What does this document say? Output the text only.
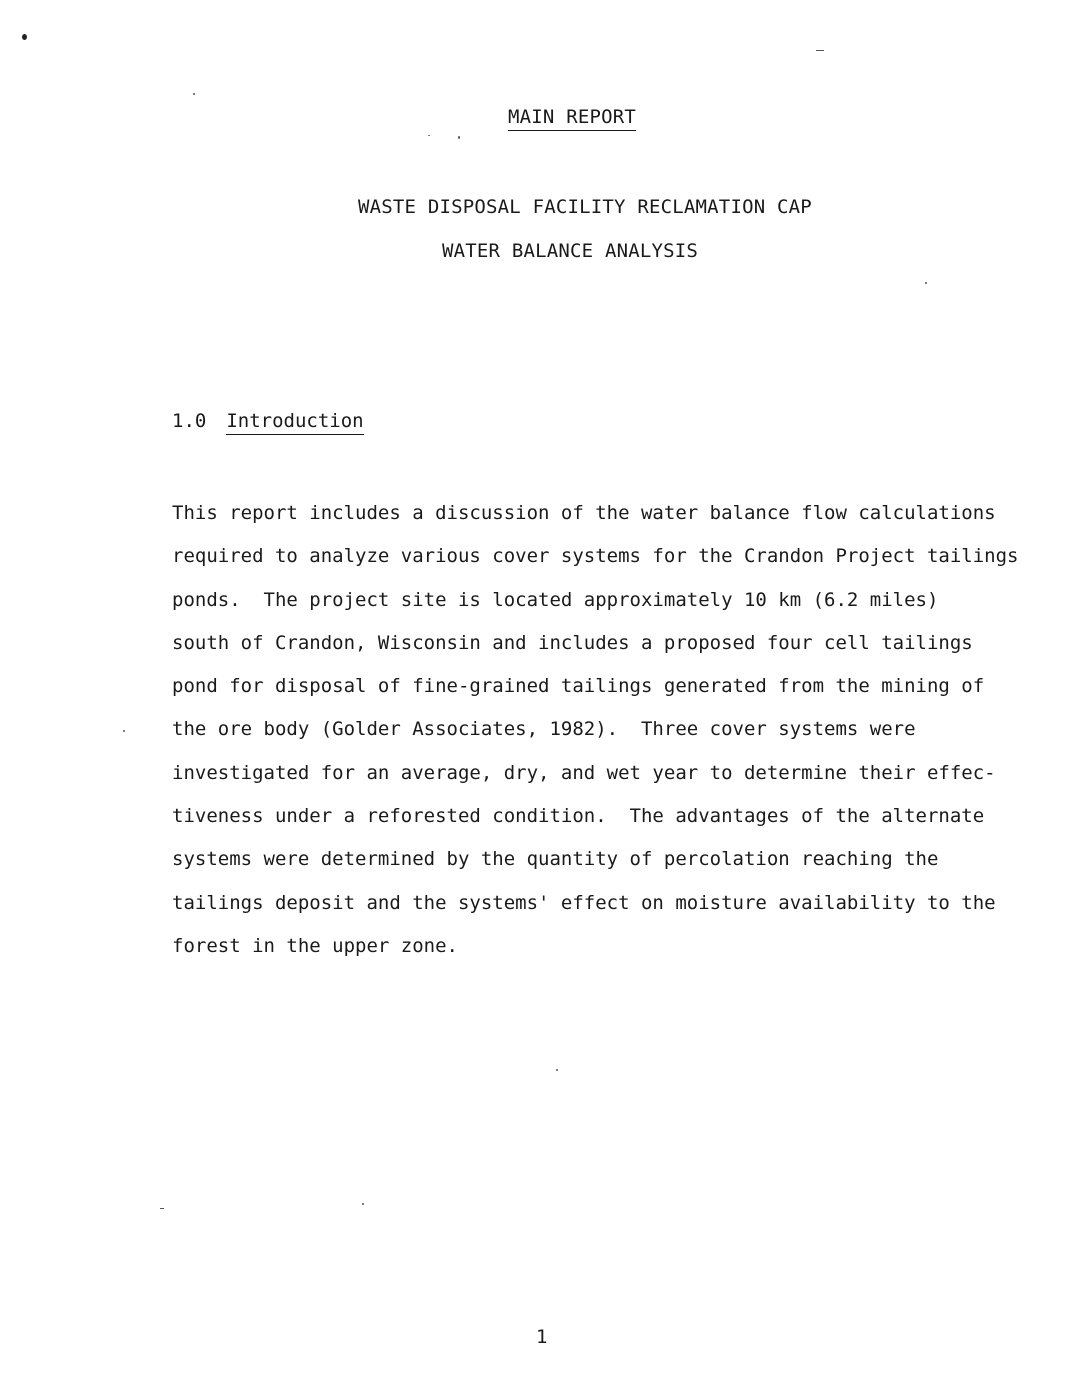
MAIN REPORT
WASTE DISPOSAL FACILITY RECLAMATION CAP
WATER BALANCE ANALYSIS
1.0 Introduction
This report includes a discussion of the water balance flow calculations
required to analyze various cover systems for the Crandon Project tailings
ponds.  The project site is located approximately 10 km (6.2 miles)
south of Crandon, Wisconsin and includes a proposed four cell tailings
pond for disposal of fine-grained tailings generated from the mining of
the ore body (Golder Associates, 1982).  Three cover systems were
investigated for an average, dry, and wet year to determine their effec-
tiveness under a reforested condition.  The advantages of the alternate
systems were determined by the quantity of percolation reaching the
tailings deposit and the systems' effect on moisture availability to the
forest in the upper zone.
1
